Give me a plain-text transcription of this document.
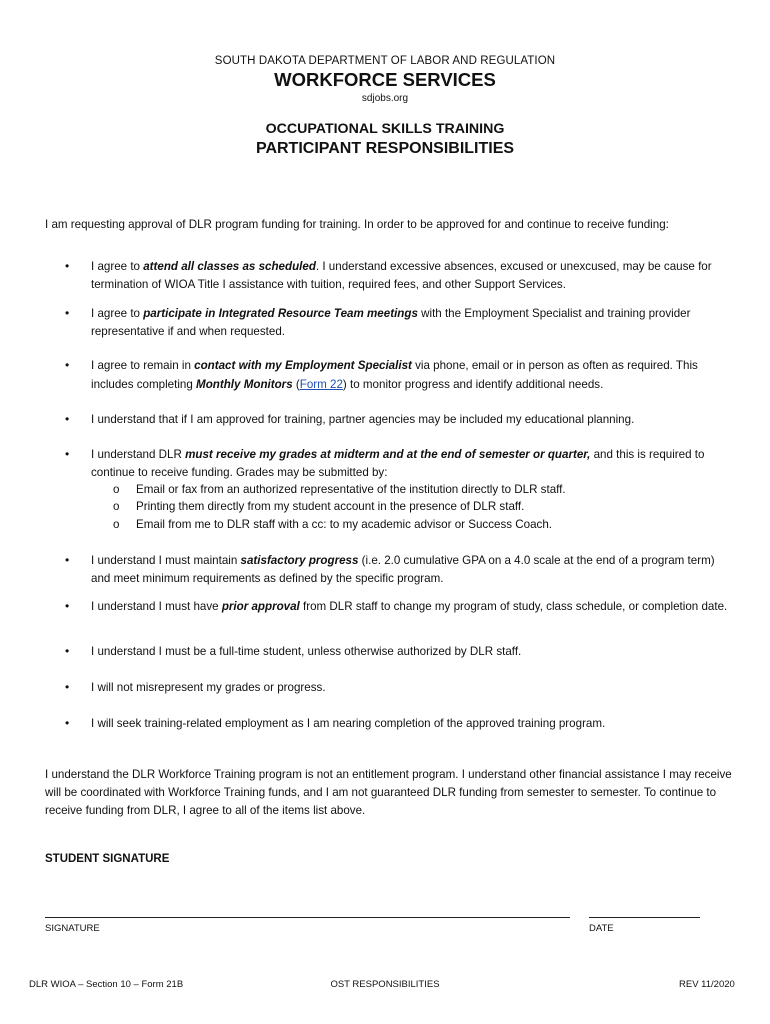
SOUTH DAKOTA DEPARTMENT OF LABOR AND REGULATION
WORKFORCE SERVICES
sdjobs.org
OCCUPATIONAL SKILLS TRAINING
PARTICIPANT RESPONSIBILITIES
I am requesting approval of DLR program funding for training. In order to be approved for and continue to receive funding:
• I agree to attend all classes as scheduled. I understand excessive absences, excused or unexcused, may be cause for termination of WIOA Title I assistance with tuition, required fees, and other Support Services.
• I agree to participate in Integrated Resource Team meetings with the Employment Specialist and training provider representative if and when requested.
• I agree to remain in contact with my Employment Specialist via phone, email or in person as often as required. This includes completing Monthly Monitors (Form 22) to monitor progress and identify additional needs.
• I understand that if I am approved for training, partner agencies may be included my educational planning.
• I understand DLR must receive my grades at midterm and at the end of semester or quarter, and this is required to continue to receive funding. Grades may be submitted by:
o Email or fax from an authorized representative of the institution directly to DLR staff.
o Printing them directly from my student account in the presence of DLR staff.
o Email from me to DLR staff with a cc: to my academic advisor or Success Coach.
• I understand I must maintain satisfactory progress (i.e. 2.0 cumulative GPA on a 4.0 scale at the end of a program term) and meet minimum requirements as defined by the specific program.
• I understand I must have prior approval from DLR staff to change my program of study, class schedule, or completion date.
• I understand I must be a full-time student, unless otherwise authorized by DLR staff.
• I will not misrepresent my grades or progress.
• I will seek training-related employment as I am nearing completion of the approved training program.
I understand the DLR Workforce Training program is not an entitlement program. I understand other financial assistance I may receive will be coordinated with Workforce Training funds, and I am not guaranteed DLR funding from semester to semester. To continue to receive funding from DLR, I agree to all of the items list above.
STUDENT SIGNATURE
SIGNATURE	DATE
DLR WIOA – Section 10 – Form 21B	OST RESPONSIBILITIES	REV 11/2020
